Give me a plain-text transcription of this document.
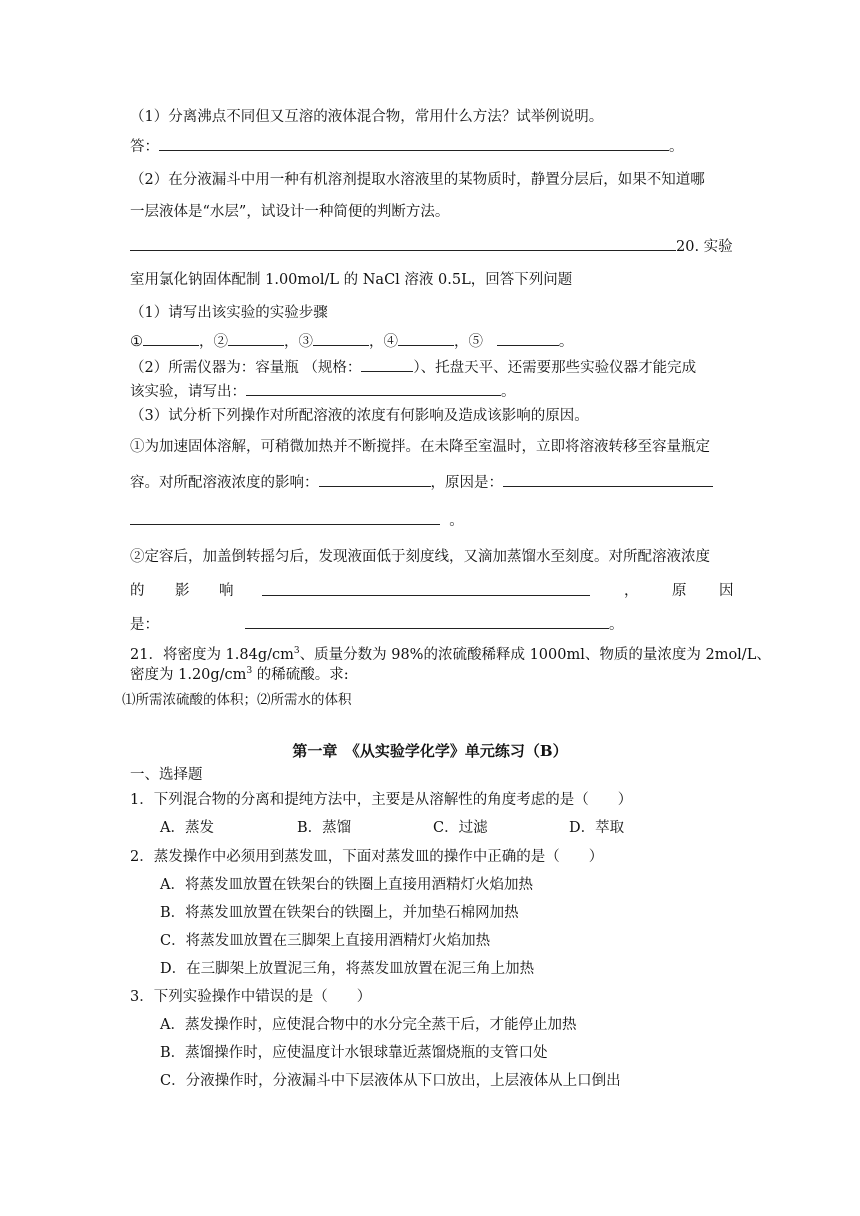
（1）分离沸点不同但又互溶的液体混合物，常用什么方法？试举例说明。
答：	。
（2）在分液漏斗中用一种有机溶剂提取水溶液里的某物质时，静置分层后，如果不知道哪
一层液体是“水层”，试设计一种简便的判断方法。
20. 实验
室用氯化钠固体配制 1.00mol/L 的 NaCl 溶液 0.5L，回答下列问题
（1）请写出该实验的实验步骤
①	，②	，③	，④	，⑤	。
（2）所需仪器为：容量瓶 （规格：	）、托盘天平、还需要那些实验仪器才能完成
该实验，请写出：	。
（3）试分析下列操作对所配溶液的浓度有何影响及造成该影响的原因。
①为加速固体溶解，可稍微加热并不断搅拌。在未降至室温时，立即将溶液转移至容量瓶定
容。对所配溶液浓度的影响：	，原因是：
。
②定容后，加盖倒转摇匀后，发现液面低于刻度线，又滴加蒸馏水至刻度。对所配溶液浓度
的 影 响	， 原 因
是：	。
21．将密度为 $1.84g/cm^3$、质量分数为 98%的浓硫酸稀释成 1000ml、物质的量浓度为 2mol/L、
密度为 $1.20g/cm^3$ 的稀硫酸。求:
⑴所需浓硫酸的体积；⑵所需水的体积
第一章　《从实验学化学》单元练习（B）
一、选择题
1．下列混合物的分离和提纯方法中，主要是从溶解性的角度考虑的是（　　）
A．蒸发	B．蒸馏	C．过滤	D．萃取
2．蒸发操作中必须用到蒸发皿，下面对蒸发皿的操作中正确的是（　　）
A．将蒸发皿放置在铁架台的铁圈上直接用酒精灯火焰加热
B．将蒸发皿放置在铁架台的铁圈上，并加垫石棉网加热
C．将蒸发皿放置在三脚架上直接用酒精灯火焰加热
D．在三脚架上放置泥三角，将蒸发皿放置在泥三角上加热
3．下列实验操作中错误的是（　　）
A．蒸发操作时，应使混合物中的水分完全蒸干后，才能停止加热
B．蒸馏操作时，应使温度计水银球靠近蒸馏烧瓶的支管口处
C．分液操作时，分液漏斗中下层液体从下口放出，上层液体从上口倒出
